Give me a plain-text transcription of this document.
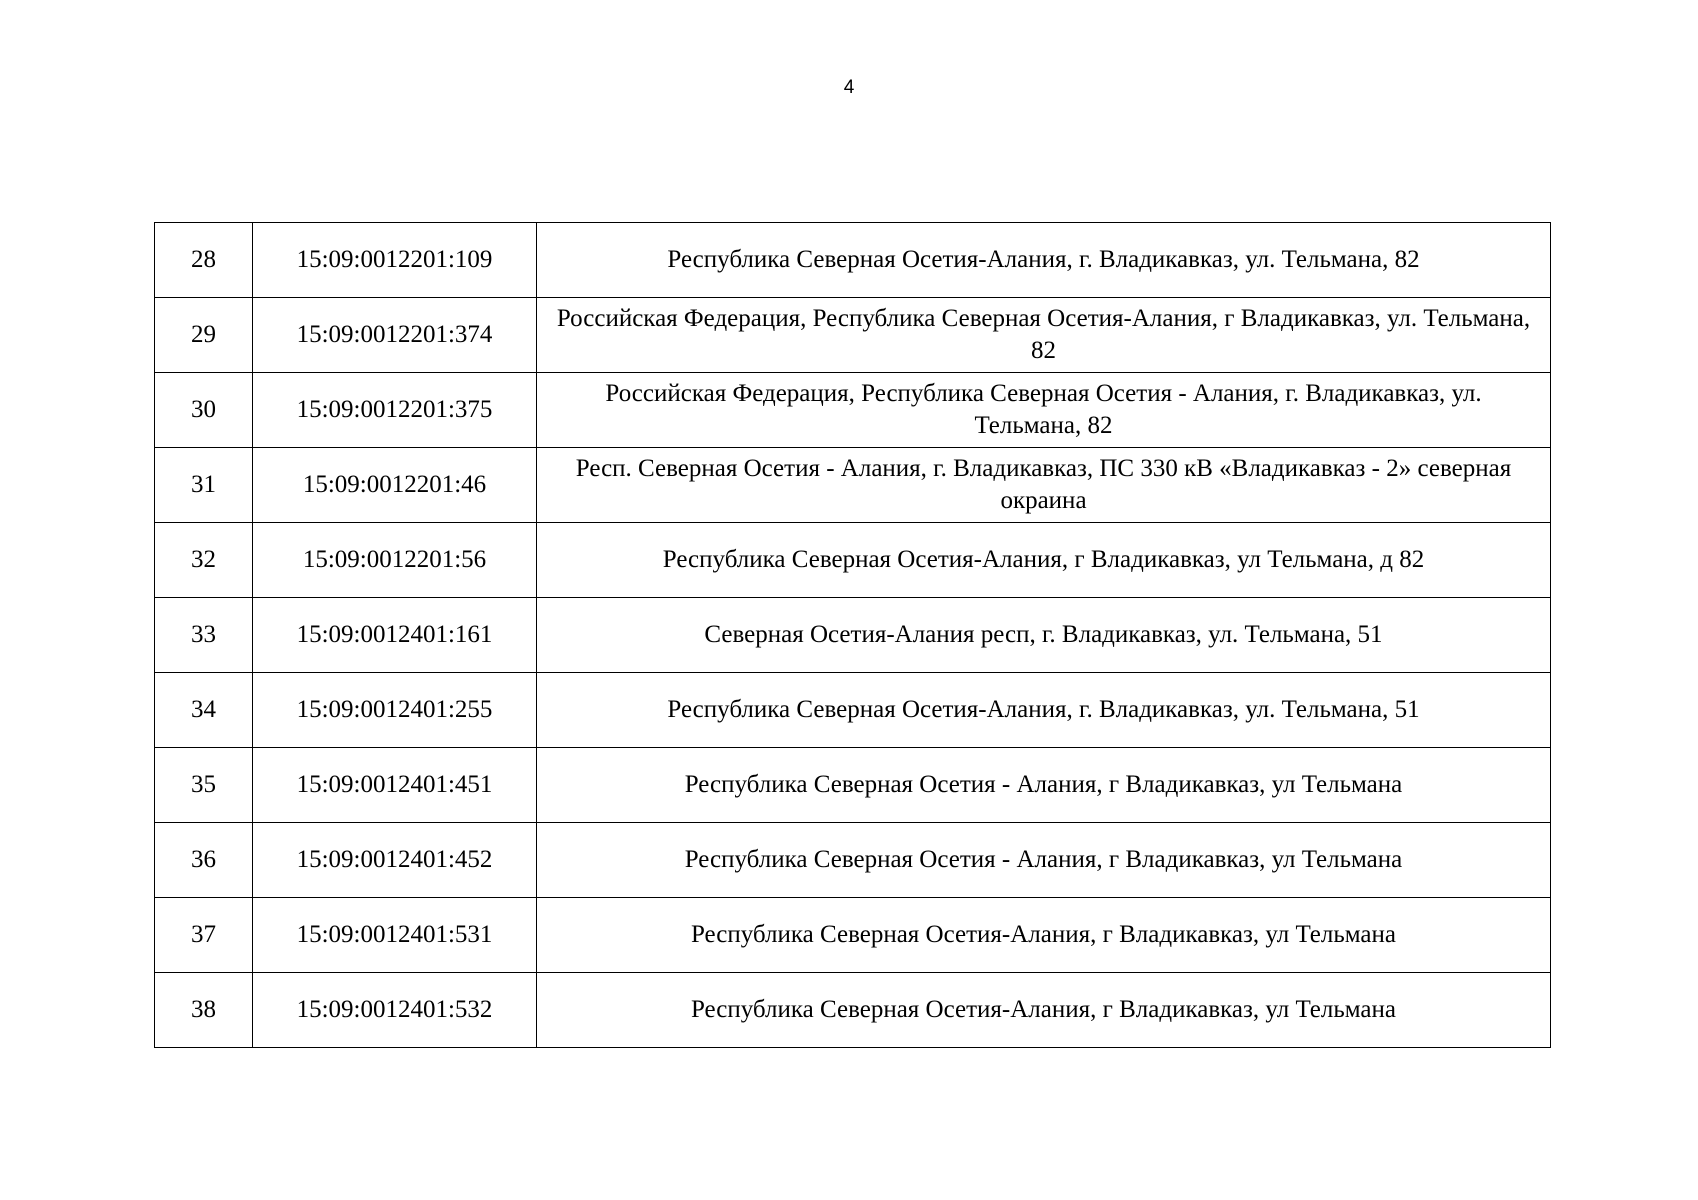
4
28	15:09:0012201:109	Республика Северная Осетия-Алания, г. Владикавказ, ул. Тельмана, 82
29	15:09:0012201:374	Российская Федерация, Республика Северная Осетия-Алания, г Владикавказ, ул. Тельмана, 82
30	15:09:0012201:375	Российская Федерация, Республика Северная Осетия - Алания, г. Владикавказ, ул. Тельмана, 82
31	15:09:0012201:46	Респ. Северная Осетия - Алания, г. Владикавказ, ПС 330 кВ «Владикавказ - 2» северная окраина
32	15:09:0012201:56	Республика Северная Осетия-Алания, г Владикавказ, ул Тельмана, д 82
33	15:09:0012401:161	Северная Осетия-Алания респ, г. Владикавказ, ул. Тельмана, 51
34	15:09:0012401:255	Республика Северная Осетия-Алания, г. Владикавказ, ул. Тельмана, 51
35	15:09:0012401:451	Республика Северная Осетия - Алания, г Владикавказ, ул Тельмана
36	15:09:0012401:452	Республика Северная Осетия - Алания, г Владикавказ, ул Тельмана
37	15:09:0012401:531	Республика Северная Осетия-Алания, г Владикавказ, ул Тельмана
38	15:09:0012401:532	Республика Северная Осетия-Алания, г Владикавказ, ул Тельмана
